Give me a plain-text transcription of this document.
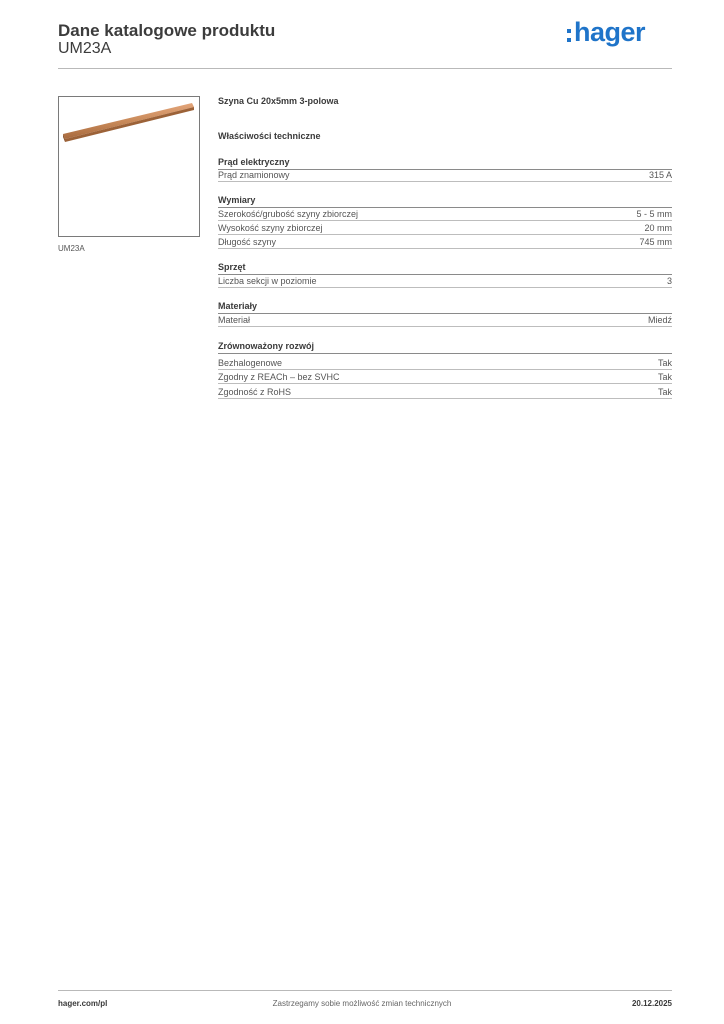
Dane katalogowe produktu
UM23A
hager
UM23A
Szyna Cu 20x5mm 3-polowa
Właściwości techniczne
Prąd elektryczny
Prąd znamionowy	315 A
Wymiary
Szerokość/grubość szyny zbiorczej	5 - 5 mm
Wysokość szyny zbiorczej	20 mm
Długość szyny	745 mm
Sprzęt
Liczba sekcji w poziomie	3
Materiały
Materiał	Miedź
Zrównoważony rozwój
Bezhalogenowe	Tak
Zgodny z REACh – bez SVHC	Tak
Zgodność z RoHS	Tak
hager.com/pl	Zastrzegamy sobie możliwość zmian technicznych	20.12.2025
